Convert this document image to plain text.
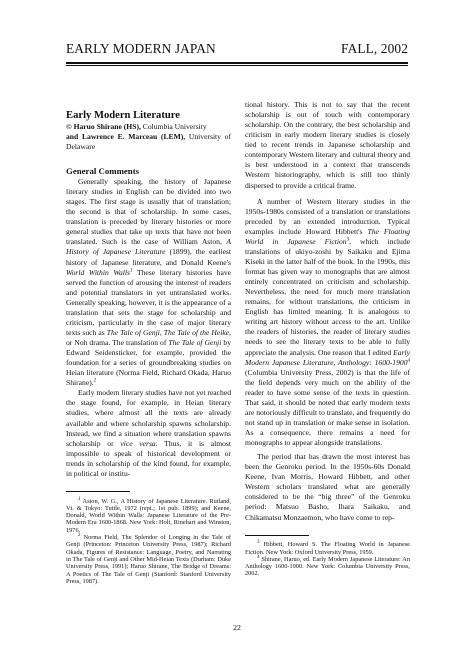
EARLY MODERN JAPAN	FALL, 2002
Early Modern Literature
© Haruo Shirane (HS), Columbia University
and Lawrence E. Marceau (LEM), University of Delaware
General Comments

Generally speaking, the history of Japanese literary studies in English can be divided into two stages. The first stage is usually that of translation; the second is that of scholarship. In some cases, translation is preceded by literary histories or more general studies that take up texts that have not been translated. Such is the case of William Aston, A History of Japanese Literature (1899), the earliest history of Japanese literature, and Donald Keene's World Within Walls$^1$ These literary histories have served the function of arousing the interest of readers and potential translators in yet untranslated works. Generally speaking, however, it is the appearance of a translation that sets the stage for scholarship and criticism, particularly in the case of major literary texts such as The Tale of Genji, The Tale of the Heike, or Noh drama. The translation of The Tale of Genji by Edward Seidensticker, for example, provided the foundation for a series of groundbreaking studies on Heian literature (Norma Field, Richard Okada, Haruo Shirane).$^2$

Early modern literary studies have not yet reached the stage found, for example, in Heian literary studies, where almost all the texts are already available and where scholarship spawns scholarship. Instead, we find a situation where translation spawns scholarship or vice versa. Thus, it is almost impossible to speak of historical development or trends in scholarship of the kind found, for example, in political or institu-

$^1$ Aston, W. G., A History of Japanese Literature. Rutland, Vt. & Tokyo: Tuttle, 1972 (rept.; 1st pub. 1899); and Keene, Donald, World Within Walls: Japanese Literature of the Pre-Modern Era 1600-1868. New York: Holt, Rinehart and Winston, 1976.

$^2$ Norma Field, The Splendor of Longing in the Tale of Genji (Princeton: Princeton University Press, 1987); Richard Okada, Figures of Resistance: Language, Poetry, and Narrating in The Tale of Genji and Other Mid-Heian Texts (Durham: Duke University Press, 1991); Haruo Shirane, The Bridge of Dreams: A Poetics of The Tale of Genji (Stanford: Stanford University Press, 1987).

tional history. This is not to say that the recent scholarship is out of touch with contemporary scholarship. On the contrary, the best scholarship and criticism in early modern literary studies is closely tied to recent trends in Japanese scholarship and contemporary Western literary and cultural theory and is best understood in a context that transcends Western historiography, which is still too thinly dispersed to provide a critical frame.

A number of Western literary studies in the 1950s-1980s consisted of a translation or translations preceded by an extended introduction. Typical examples include Howard Hibbett's The Floating World in Japanese Fiction$^3$, which include translations of ukiyo-zoshi by Saikaku and Ejima Kiseki in the latter half of the book. In the 1990s, this format has given way to monographs that are almost entirely concentrated on criticism and scholarship. Nevertheless, the need for much more translation remains, for without translations, the criticism in English has limited meaning. It is analogous to writing art history without access to the art. Unlike the readers of histories, the reader of literary studies needs to see the literary texts to be able to fully appreciate the analysis. One reason that I edited Early Modern Japanese Literature, Anthology: 1600-1900$^4$ (Columbia University Press, 2002) is that the life of the field depends very much on the ability of the reader to have some sense of the texts in question. That said, it should be noted that early modern texts are notoriously difficult to translate, and frequently do not stand up in translation or make sense in isolation. As a consequence, there remains a need for monographs to appear alongside translations.

The period that has drawn the most interest has been the Genroku period. In the 1950s-60s Donald Keene, Ivan Morris, Howard Hibbett, and other Western scholars translated what are generally considered to be the “big three” of the Genroku period: Matsuo Basho, Ihara Saikaku, and Chikamatsu Monzaemon, who have come to rep-

$^3$ Hibbett, Howard S. The Floating World in Japanese Fiction. New York: Oxford University Press, 1959.

$^4$ Shirane, Haruo, ed. Early Modern Japanese Literature: An Anthology 1600-1900. New York: Columbia University Press, 2002.

22
